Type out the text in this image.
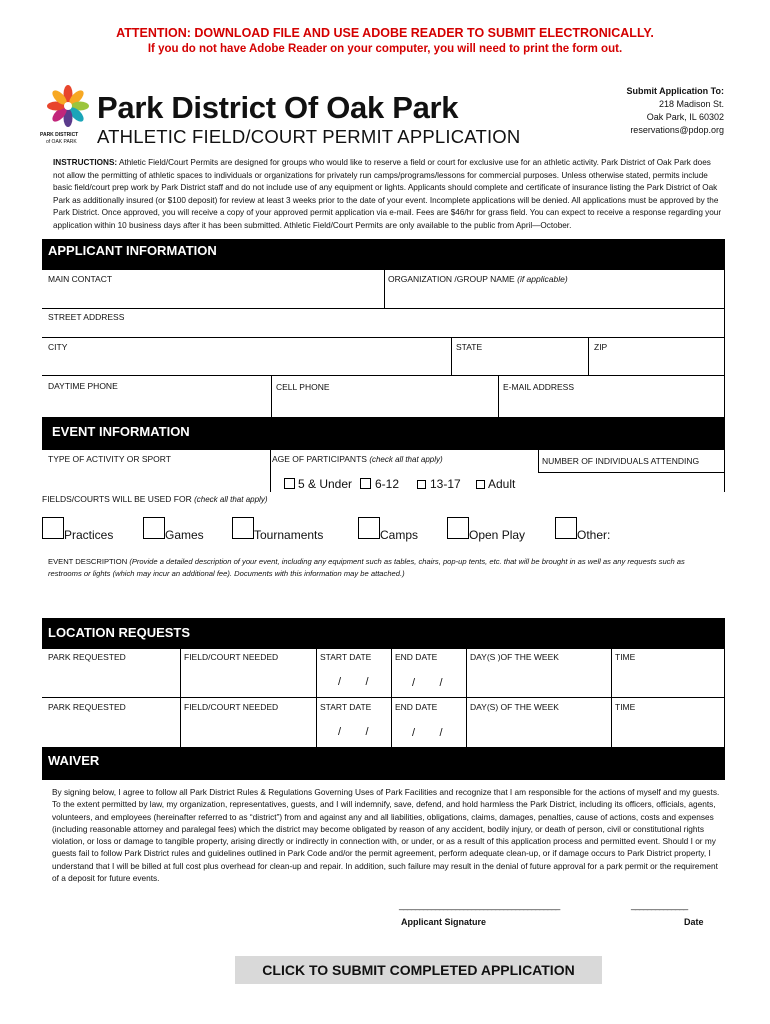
ATTENTION: DOWNLOAD FILE AND USE ADOBE READER TO SUBMIT ELECTRONICALLY.
If you do not have Adobe Reader on your computer, you will need to print the form out.
PARK DISTRICT
of OAK PARK
Park District Of Oak Park
ATHLETIC FIELD/COURT PERMIT APPLICATION
Submit Application To:
218 Madison St.
Oak Park, IL 60302
reservations@pdop.org
INSTRUCTIONS: Athletic Field/Court Permits are designed for groups who would like to reserve a field or court for exclusive use for an athletic activity. Park District of Oak Park does not allow the permitting of athletic spaces to individuals or organizations for privately run camps/programs/lessons for commercial purposes. Unless otherwise stated, permits include basic field/court prep work by Park District staff and do not include use of any equipment or lights. Applicants should complete and certificate of insurance listing the Park District of Oak Park as additionally insured (or $100 deposit) for review at least 3 weeks prior to the date of your event. Incomplete applications will be denied. All applications must be approved by the Park District. Once approved, you will receive a copy of your approved permit application via e-mail. Fees are $46/hr for grass field. You can expect to receive a response regarding your application within 10 business days after it has been submitted. Athletic Field/Court Permits are only available to the public from April—October.
APPLICANT INFORMATION
MAIN CONTACT	ORGANIZATION /GROUP NAME (if applicable)
STREET ADDRESS
CITY	STATE	ZIP
DAYTIME PHONE	CELL PHONE	E-MAIL ADDRESS
EVENT INFORMATION
TYPE OF ACTIVITY OR SPORT	AGE OF PARTICIPANTS (check all that apply)	NUMBER OF INDIVIDUALS ATTENDING
5 & Under 6-12	13-17 Adult
FIELDS/COURTS WILL BE USED FOR (check all that apply)
Practices	Games	Tournaments	Camps	Open Play	Other:
EVENT DESCRIPTION (Provide a detailed description of your event, including any equipment such as tables, chairs, pop-up tents, etc. that will be brought in as well as any requests such as restrooms or lights (which may incur an additional fee). Documents with this information may be attached.)
LOCATION REQUESTS
PARK REQUESTED	FIELD/COURT NEEDED	START DATE	END DATE	DAY(S )OF THE WEEK	TIME
/        /	/        /
PARK REQUESTED	FIELD/COURT NEEDED	START DATE	END DATE	DAY(S) OF THE WEEK	TIME
/        /	/        /
WAIVER
By signing below, I agree to follow all Park District Rules & Regulations Governing Uses of Park Facilities and recognize that I am responsible for the actions of myself and my guests. To the extent permitted by law, my organization, representatives, guests, and I will indemnify, save, defend, and hold harmless the Park District, including its officers, officials, agents, volunteers, and employees (hereinafter referred to as “district”) from and against any and all liabilities, obligations, claims, damages, penalties, cause of actions, costs and expenses (including reasonable attorney and paralegal fees) which the district may become obligated by reason of any accident, bodily injury, or death of person, civil or constitutional rights violation, or loss or damage to tangible property, arising directly or indirectly in connection with, or under, or as a result of this application process and permitted event. Should I or my guests fail to follow Park District rules and guidelines outlined in Park Code and/or the permit agreement, perform adequate clean-up, or if damage occurs to Park District property, I understand that I will be billed at full cost plus overhead for clean-up and repair. In addition, such failure may result in the denial of future approval for a park permit or the requirement of a deposit for future events.
________________________________________	______________
Applicant Signature	Date
CLICK TO SUBMIT COMPLETED APPLICATION
